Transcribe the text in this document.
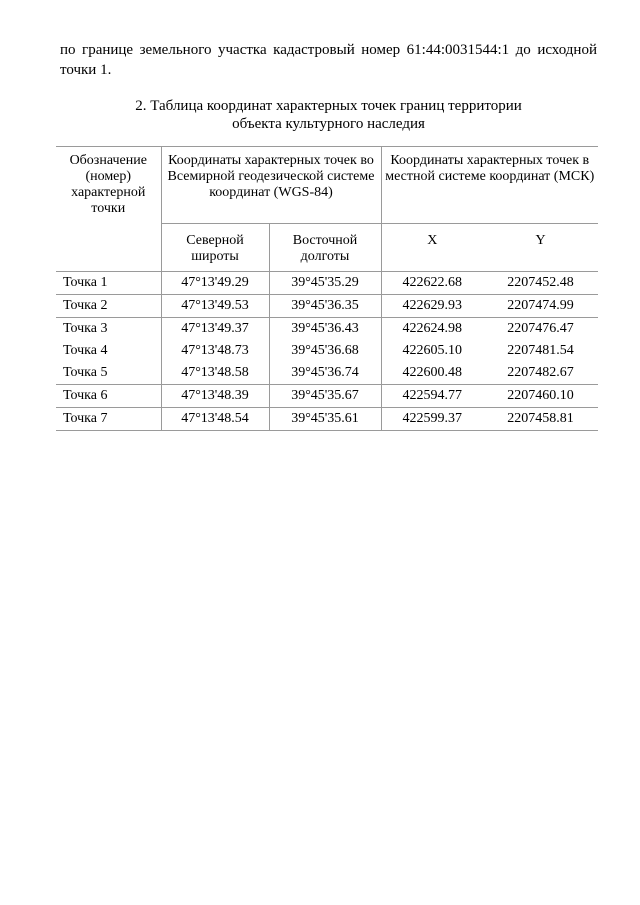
по границе земельного участка кадастровый номер 61:44:0031544:1 до исходной точки 1.

2. Таблица координат характерных точек границ территории
объекта культурного наследия
Обозначение (номер) характерной точки	Координаты характерных точек во Всемирной геодезической системе координат (WGS-84)		Координаты характерных точек в местной системе координат (МСК)	
	Северной широты	Восточной долготы	X	Y
Точка 1	47°13'49.29	39°45'35.29	422622.68	2207452.48
Точка 2	47°13'49.53	39°45'36.35	422629.93	2207474.99
Точка 3	47°13'49.37	39°45'36.43	422624.98	2207476.47
Точка 4	47°13'48.73	39°45'36.68	422605.10	2207481.54
Точка 5	47°13'48.58	39°45'36.74	422600.48	2207482.67
Точка 6	47°13'48.39	39°45'35.67	422594.77	2207460.10
Точка 7	47°13'48.54	39°45'35.61	422599.37	2207458.81
